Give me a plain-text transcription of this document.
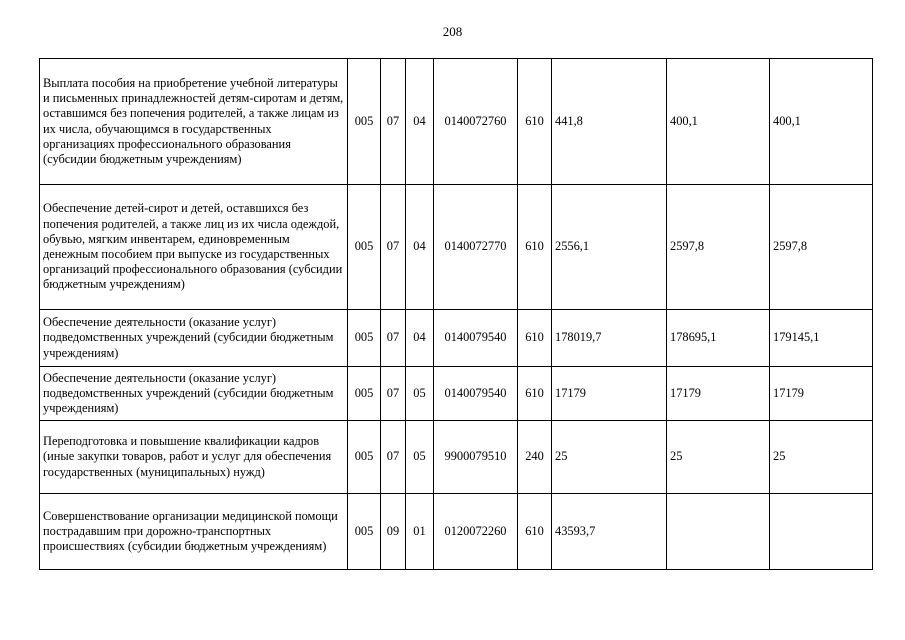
208
Выплата пособия на приобретение учебной литературы и письменных принадлежностей детям-сиротам и детям, оставшимся без попечения родителей, а также лицам из их числа, обучающимся в государственных организациях профессионального образования (субсидии бюджетным учреждениям)	005	07	04	0140072760	610	441,8	400,1	400,1
Обеспечение детей-сирот и детей, оставшихся без попечения родителей, а также лиц из их числа одеждой, обувью, мягким инвентарем, единовременным денежным пособием при выпуске из государственных организаций профессионального образования (субсидии бюджетным учреждениям)	005	07	04	0140072770	610	2556,1	2597,8	2597,8
Обеспечение деятельности (оказание услуг) подведомственных учреждений (субсидии бюджетным учреждениям)	005	07	04	0140079540	610	178019,7	178695,1	179145,1
Обеспечение деятельности (оказание услуг) подведомственных учреждений (субсидии бюджетным учреждениям)	005	07	05	0140079540	610	17179	17179	17179
Переподготовка и повышение квалификации кадров (иные закупки товаров, работ и услуг для обеспечения государственных (муниципальных) нужд)	005	07	05	9900079510	240	25	25	25
Совершенствование организации медицинской помощи пострадавшим при дорожно-транспортных происшествиях (субсидии бюджетным учреждениям)	005	09	01	0120072260	610	43593,7		
